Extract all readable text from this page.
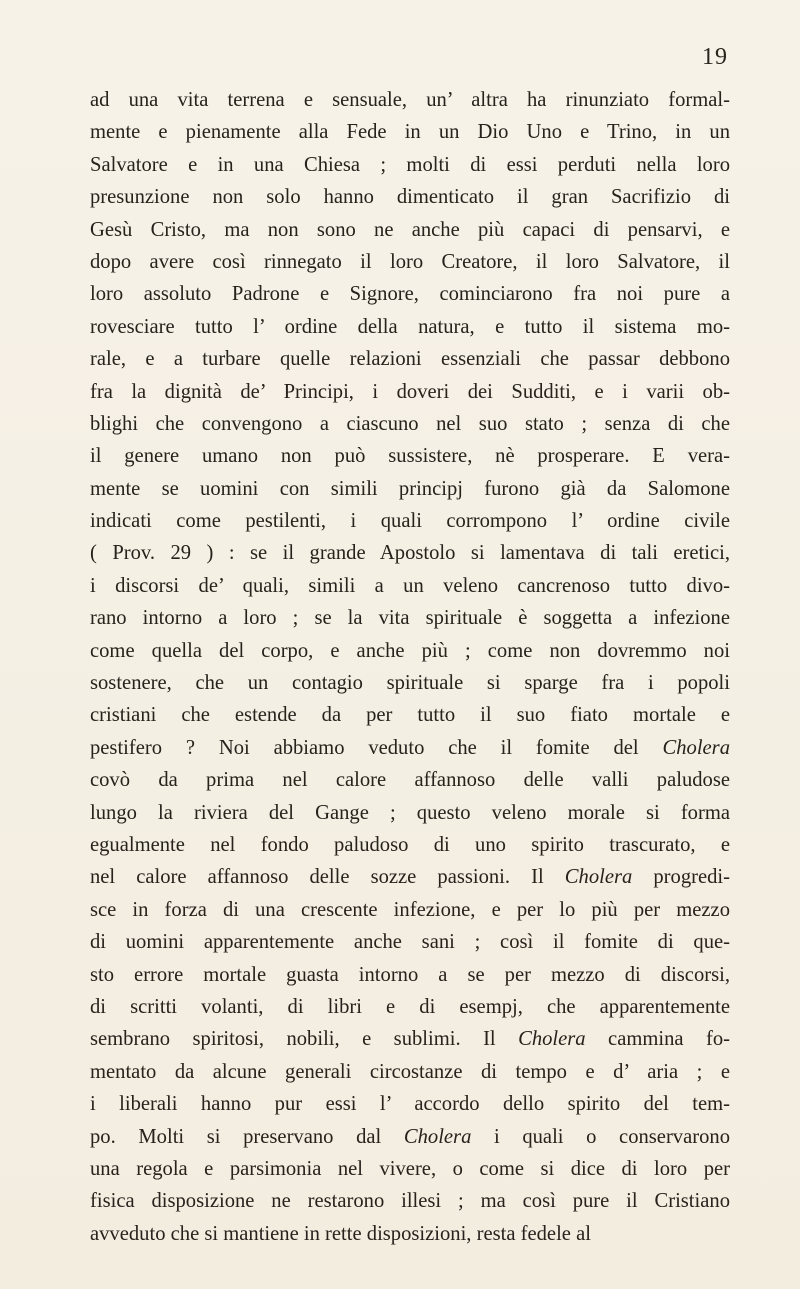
19
ad una vita terrena e sensuale, un’ altra ha rinunziato formal-
mente e pienamente alla Fede in un Dio Uno e Trino, in un
Salvatore e in una Chiesa ; molti di essi perduti nella loro
presunzione non solo hanno dimenticato il gran Sacrifizio di
Gesù Cristo, ma non sono ne anche più capaci di pensarvi, e
dopo avere così rinnegato il loro Creatore, il loro Salvatore, il
loro assoluto Padrone e Signore, cominciarono fra noi pure a
rovesciare tutto l’ ordine della natura, e tutto il sistema mo-
rale, e a turbare quelle relazioni essenziali che passar debbono
fra la dignità de’ Principi, i doveri dei Sudditi, e i varii ob-
blighi che convengono a ciascuno nel suo stato ; senza di che
il genere umano non può sussistere, nè prosperare. E vera-
mente se uomini con simili principj furono già da Salomone
indicati come pestilenti, i quali corrompono l’ ordine civile
( Prov. 29 ) : se il grande Apostolo si lamentava di tali eretici,
i discorsi de’ quali, simili a un veleno cancrenoso tutto divo-
rano intorno a loro ; se la vita spirituale è soggetta a infezione
come quella del corpo, e anche più ; come non dovremmo noi
sostenere, che un contagio spirituale si sparge fra i popoli
cristiani che estende da per tutto il suo fiato mortale e
pestifero ? Noi abbiamo veduto che il fomite del Cholera
covò da prima nel calore affannoso delle valli paludose
lungo la riviera del Gange ; questo veleno morale si forma
egualmente nel fondo paludoso di uno spirito trascurato, e
nel calore affannoso delle sozze passioni. Il Cholera progredi-
sce in forza di una crescente infezione, e per lo più per mezzo
di uomini apparentemente anche sani ; così il fomite di que-
sto errore mortale guasta intorno a se per mezzo di discorsi,
di scritti volanti, di libri e di esempj, che apparentemente
sembrano spiritosi, nobili, e sublimi. Il Cholera cammina fo-
mentato da alcune generali circostanze di tempo e d’ aria ; e
i liberali hanno pur essi l’ accordo dello spirito del tem-
po. Molti si preservano dal Cholera i quali o conservarono
una regola e parsimonia nel vivere, o come si dice di loro per
fisica disposizione ne restarono illesi ; ma così pure il Cristiano
avveduto che si mantiene in rette disposizioni, resta fedele al
